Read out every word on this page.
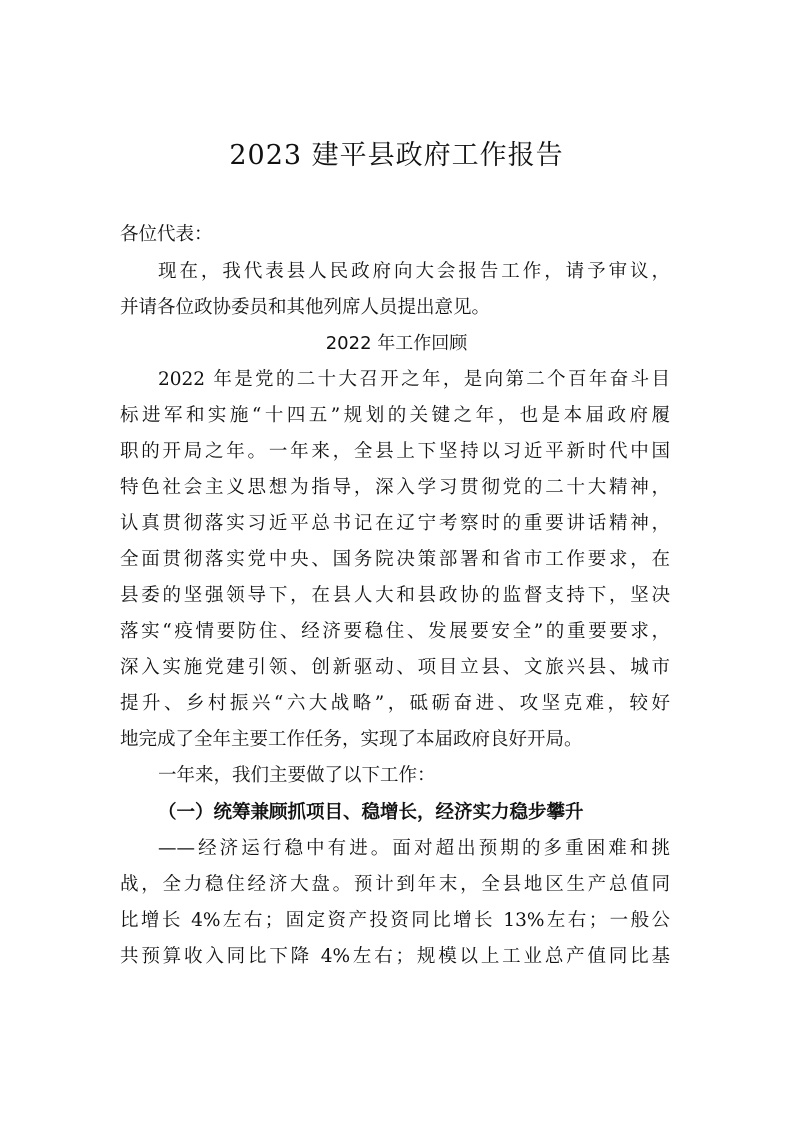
2023 建平县政府工作报告
各位代表：
现在，我代表县人民政府向大会报告工作，请予审议，
并请各位政协委员和其他列席人员提出意见。
2022 年工作回顾
2022 年是党的二十大召开之年，是向第二个百年奋斗目
标进军和实施“十四五”规划的关键之年，也是本届政府履
职的开局之年。一年来，全县上下坚持以习近平新时代中国
特色社会主义思想为指导，深入学习贯彻党的二十大精神，
认真贯彻落实习近平总书记在辽宁考察时的重要讲话精神，
全面贯彻落实党中央、国务院决策部署和省市工作要求，在
县委的坚强领导下，在县人大和县政协的监督支持下，坚决
落实“疫情要防住、经济要稳住、发展要安全”的重要要求，
深入实施党建引领、创新驱动、项目立县、文旅兴县、城市
提升、乡村振兴“六大战略”，砥砺奋进、攻坚克难，较好
地完成了全年主要工作任务，实现了本届政府良好开局。
一年来，我们主要做了以下工作：
（一）统筹兼顾抓项目、稳增长，经济实力稳步攀升
——经济运行稳中有进。面对超出预期的多重困难和挑
战，全力稳住经济大盘。预计到年末，全县地区生产总值同
比增长 4%左右；固定资产投资同比增长 13%左右；一般公
共预算收入同比下降 4%左右；规模以上工业总产值同比基
